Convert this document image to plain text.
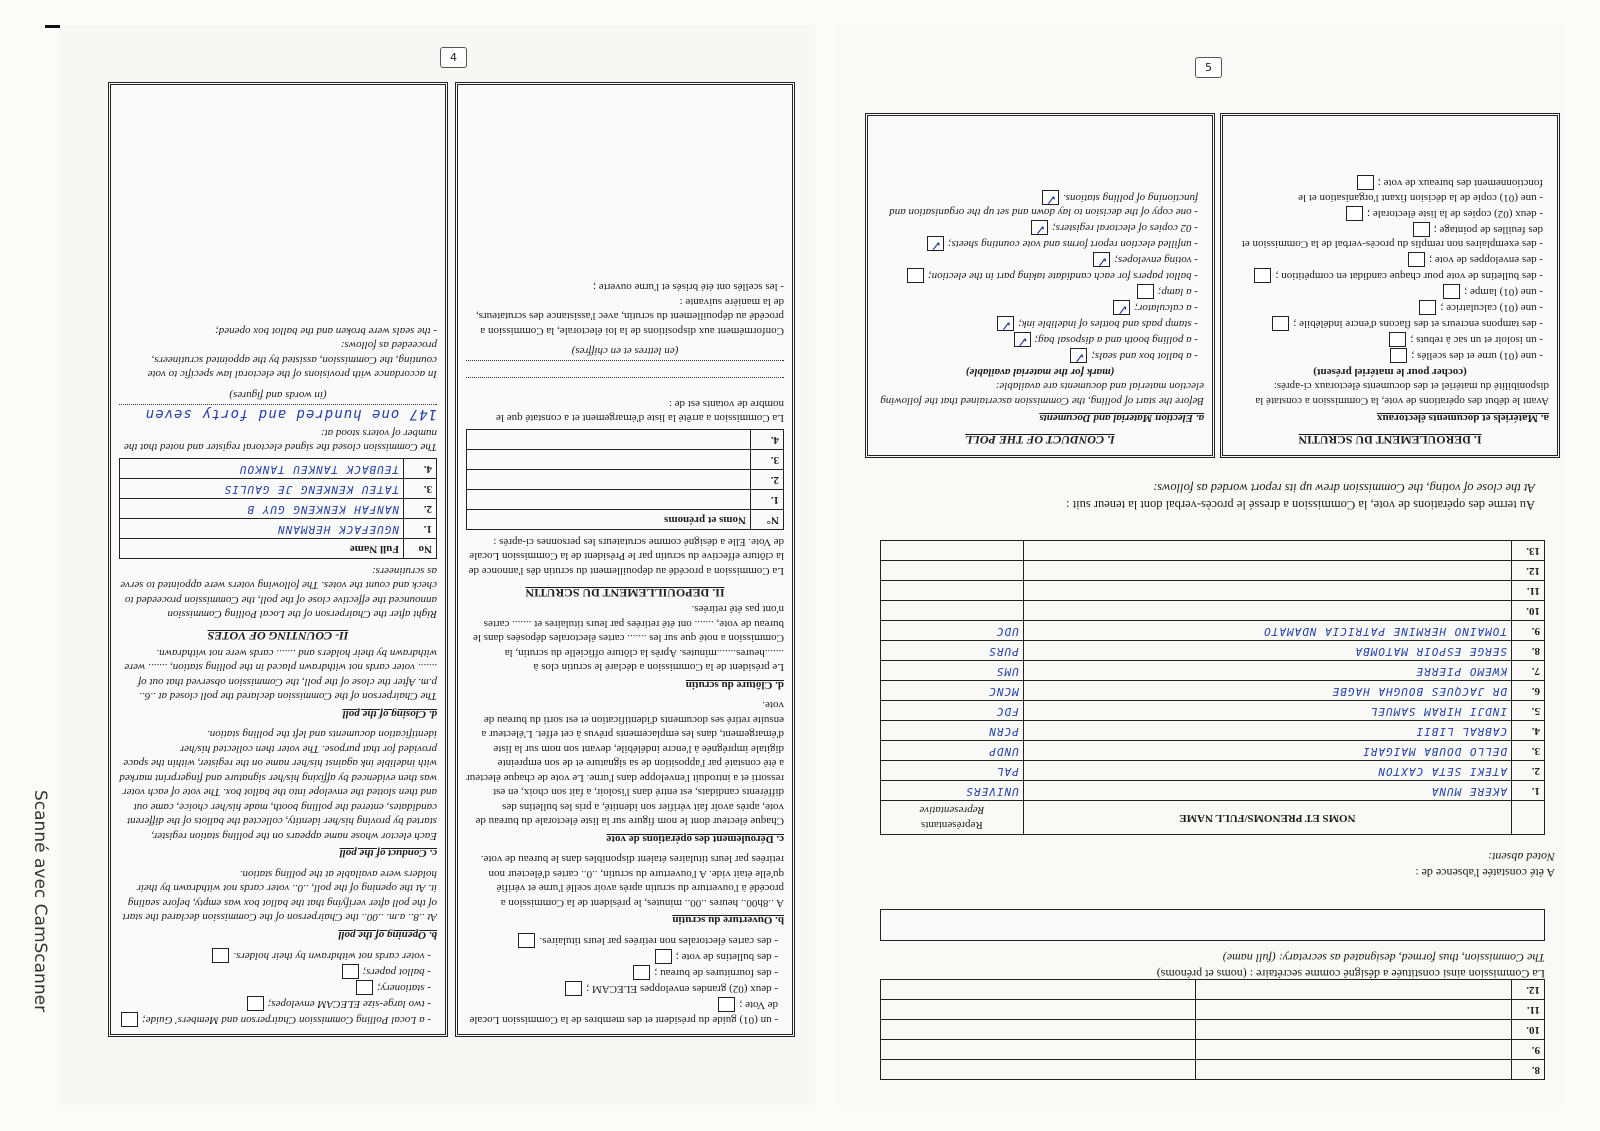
4
- un (01) guide du président et des membres de la Commission Locale de Vote ;
- deux (02) grandes enveloppes ELECAM ;
- des fournitures de bureau ;
- des bulletins de vote ;
- des cartes électorales non retirées par leurs titulaires.
b. Ouverture du scrutin
A ..8h00.. heures ..00.. minutes, le président de la Commission a procédé à l'ouverture du scrutin après avoir scellé l'urne et vérifié qu'elle était vide. A l'ouverture du scrutin, ..0.. cartes d'électeur non retirées par leurs titulaires étaient disponibles dans le bureau de vote.
c. Déroulement des opérations de vote
Chaque électeur dont le nom figure sur la liste électorale du bureau de vote, après avoir fait vérifier son identité, a pris les bulletins des différents candidats, est entré dans l'isoloir, a fait son choix, en est ressorti et a introduit l'enveloppe dans l'urne. Le vote de chaque électeur a été constaté par l'apposition de sa signature et de son empreinte digitale imprégnée à l'encre indélébile, devant son nom sur la liste d'émargement, dans les emplacements prévus à cet effet. L'électeur a ensuite retiré ses documents d'identification et est sorti du bureau de vote.
d. Clôture du scrutin
Le président de la Commission a déclaré le scrutin clos à .......heures.......minutes. Après la clôture officielle du scrutin, la Commission a noté que sur les ....... cartes électorales déposées dans le bureau de vote, ....... ont été retirées par leurs titulaires et ....... cartes n'ont pas été retirées.
II. DEPOUILLEMENT DU SCRUTIN
La Commission a procédé au dépouillement du scrutin dès l'annonce de la clôture effective du scrutin par le Président de la Commission Locale de Vote. Elle a désigné comme scrutateurs les personnes ci-après :
N°	Noms et prénoms
1.	
2.	
3.	
4.	
La Commission a arrêté la liste d'émargement et a constaté que le nombre de votants est de :
(en lettres et en chiffres)
Conformément aux dispositions de la loi électorale, la Commission a procédé au dépouillement du scrutin, avec l'assistance des scrutateurs, de la manière suivante :
- les scellés ont été brisés et l'urne ouverte ;
- a Local Polling Commission Chairperson and Members' Guide;
- two large-size ELECAM envelopes;
- stationery;
- ballot papers;
- voter cards not withdrawn by their holders.
b. Opening of the poll
At ..8.. a.m. ..00.. the Chairperson of the Commission declared the start of the poll after verifying that the ballot box was empty, before sealing it. At the opening of the poll, ..0.. voter cards not withdrawn by their holders were available at the polling station.
c. Conduct of the poll
Each elector whose name appears on the polling station register, started by proving his/her identity, collected the ballots of the different candidates, entered the polling booth, made his/her choice, came out and then slotted the envelope into the ballot box. The vote of each voter was then evidenced by affixing his/her signature and fingerprint marked with indelible ink against his/her name on the register, within the space provided for that purpose. The voter then collected his/her identification documents and left the polling station.
d. Closing of the poll
The Chairperson of the Commission declared the poll closed at ..6.. p.m. After the close of the poll, the Commission observed that out of ....... voter cards not withdrawn placed in the polling station, ....... were withdrawn by their holders and ....... cards were not withdrawn.
II- COUNTING OF VOTES
Right after the Chairperson of the Local Polling Commission announced the effective close of the poll, the Commission proceeded to check and count the votes. The following voters were appointed to serve as scrutineers:
No	Full Name
1.	NGUEFACK HERMANN
2.	NANFAH KENKENG GUY B
3.	TATEU KENKENG JE GAULIS
4.	TEUBACK TANKEU TANKOU
The Commission closed the signed electoral register and noted that the number of voters stood at:
147 one hundred and forty seven
(in words and figures)
In accordance with provisions of the electoral law specific to vote counting, the Commission, assisted by the appointed scrutineers, proceeded as follows:
- the seals were broken and the ballot box opened;
5
I. DEROULEMENT DU SCRUTIN
a. Matériels et documents électoraux
Avant le début des opérations de vote, la Commission a constaté la disponibilité du matériel et des documents électoraux ci-après:
(cocher pour le matériel présent)
- une (01) urne et des scellés ;
- un isoloir et un sac à rebuts ;
- des tampons encreurs et des flacons d'encre indélébile ;
- une (01) calculatrice ;
- une (01) lampe ;
- des bulletins de vote pour chaque candidat en compétition ;
- des enveloppes de vote ;
- des exemplaires non remplis du procès-verbal de la Commission et des feuilles de pointage ;
- deux (02) copies de la liste électorale ;
- une (01) copie de la décision fixant l'organisation et le fonctionnement des bureaux de vote ;
I. CONDUCT OF THE POLL
a. Election Material and Documents
Before the start of polling, the Commission ascertained that the following election material and documents are available:
(mark for the material available)
- a ballot box and seals;✓
- a polling booth and a disposal bag;✓
- stamp pads and bottles of indelible ink;✓
- a calculator;✓
- a lamp;
- ballot papers for each candidate taking part in the election;
- voting envelopes;✓
- unfilled election report forms and vote counting sheets;✓
- 02 copies of electoral registers;✓
- one copy of the decision to lay down and set up the organisation and functioning of polling stations.✓
Au terme des opérations de vote, la Commission a dressé le procès-verbal dont la teneur suit :
At the close of voting, the Commission drew up its report worded as follows:
	NOMS ET PRENOMS/FULL NAME	Représentants
Representative

1.	AKERE MUNA	UNIVERS
2.	ATEKI SETA CAXTON	PAL
3.	DELLO DOUBA MAIGARI	UNDP
4.	CABRAL LIBII	PCRN
5.	INDJI HIRAM SAMUEL	FDC
6.	DR JACQUES BOUGHA HAGBE	MCNC
7.	KWEMO PIERRE	UMS
8.	SERGE ESPOIR MATOMBA	PURS
9.	TOMAINO HERMINE PATRICIA NDAMATO	UDC
10.		
11.		
12.		
13.		
A été constatée l'absence de :
Noted absent:
La Commission ainsi constituée a désigné comme secrétaire : (noms et prénoms)
The Commission, thus formed, designated as secretary: (full name)
8.		
9.		
10.		
11.		
12.		
Scanné avec CamScanner
